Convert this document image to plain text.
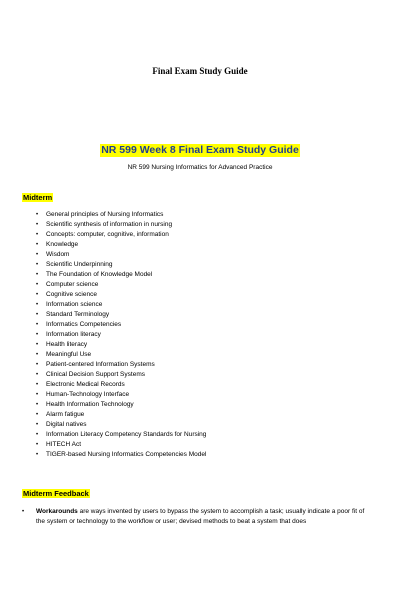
Final Exam Study Guide
NR 599 Week 8 Final Exam Study Guide
NR 599 Nursing Informatics for Advanced Practice
Midterm
• General principles of Nursing Informatics
• Scientific synthesis of information in nursing
• Concepts: computer, cognitive, information
• Knowledge
• Wisdom
• Scientific Underpinning
• The Foundation of Knowledge Model
• Computer science
• Cognitive science
• Information science
• Standard Terminology
• Informatics Competencies
• Information literacy
• Health literacy
• Meaningful Use
• Patient-centered Information Systems
• Clinical Decision Support Systems
• Electronic Medical Records
• Human-Technology Interface
• Health Information Technology
• Alarm fatigue
• Digital natives
• Information Literacy Competency Standards for Nursing
• HITECH Act
• TIGER-based Nursing Informatics Competencies Model
Midterm Feedback
•	Workarounds are ways invented by users to bypass the system to accomplish a task; usually indicate a poor fit of the system or technology to the workflow or user; devised methods to beat a system that does
